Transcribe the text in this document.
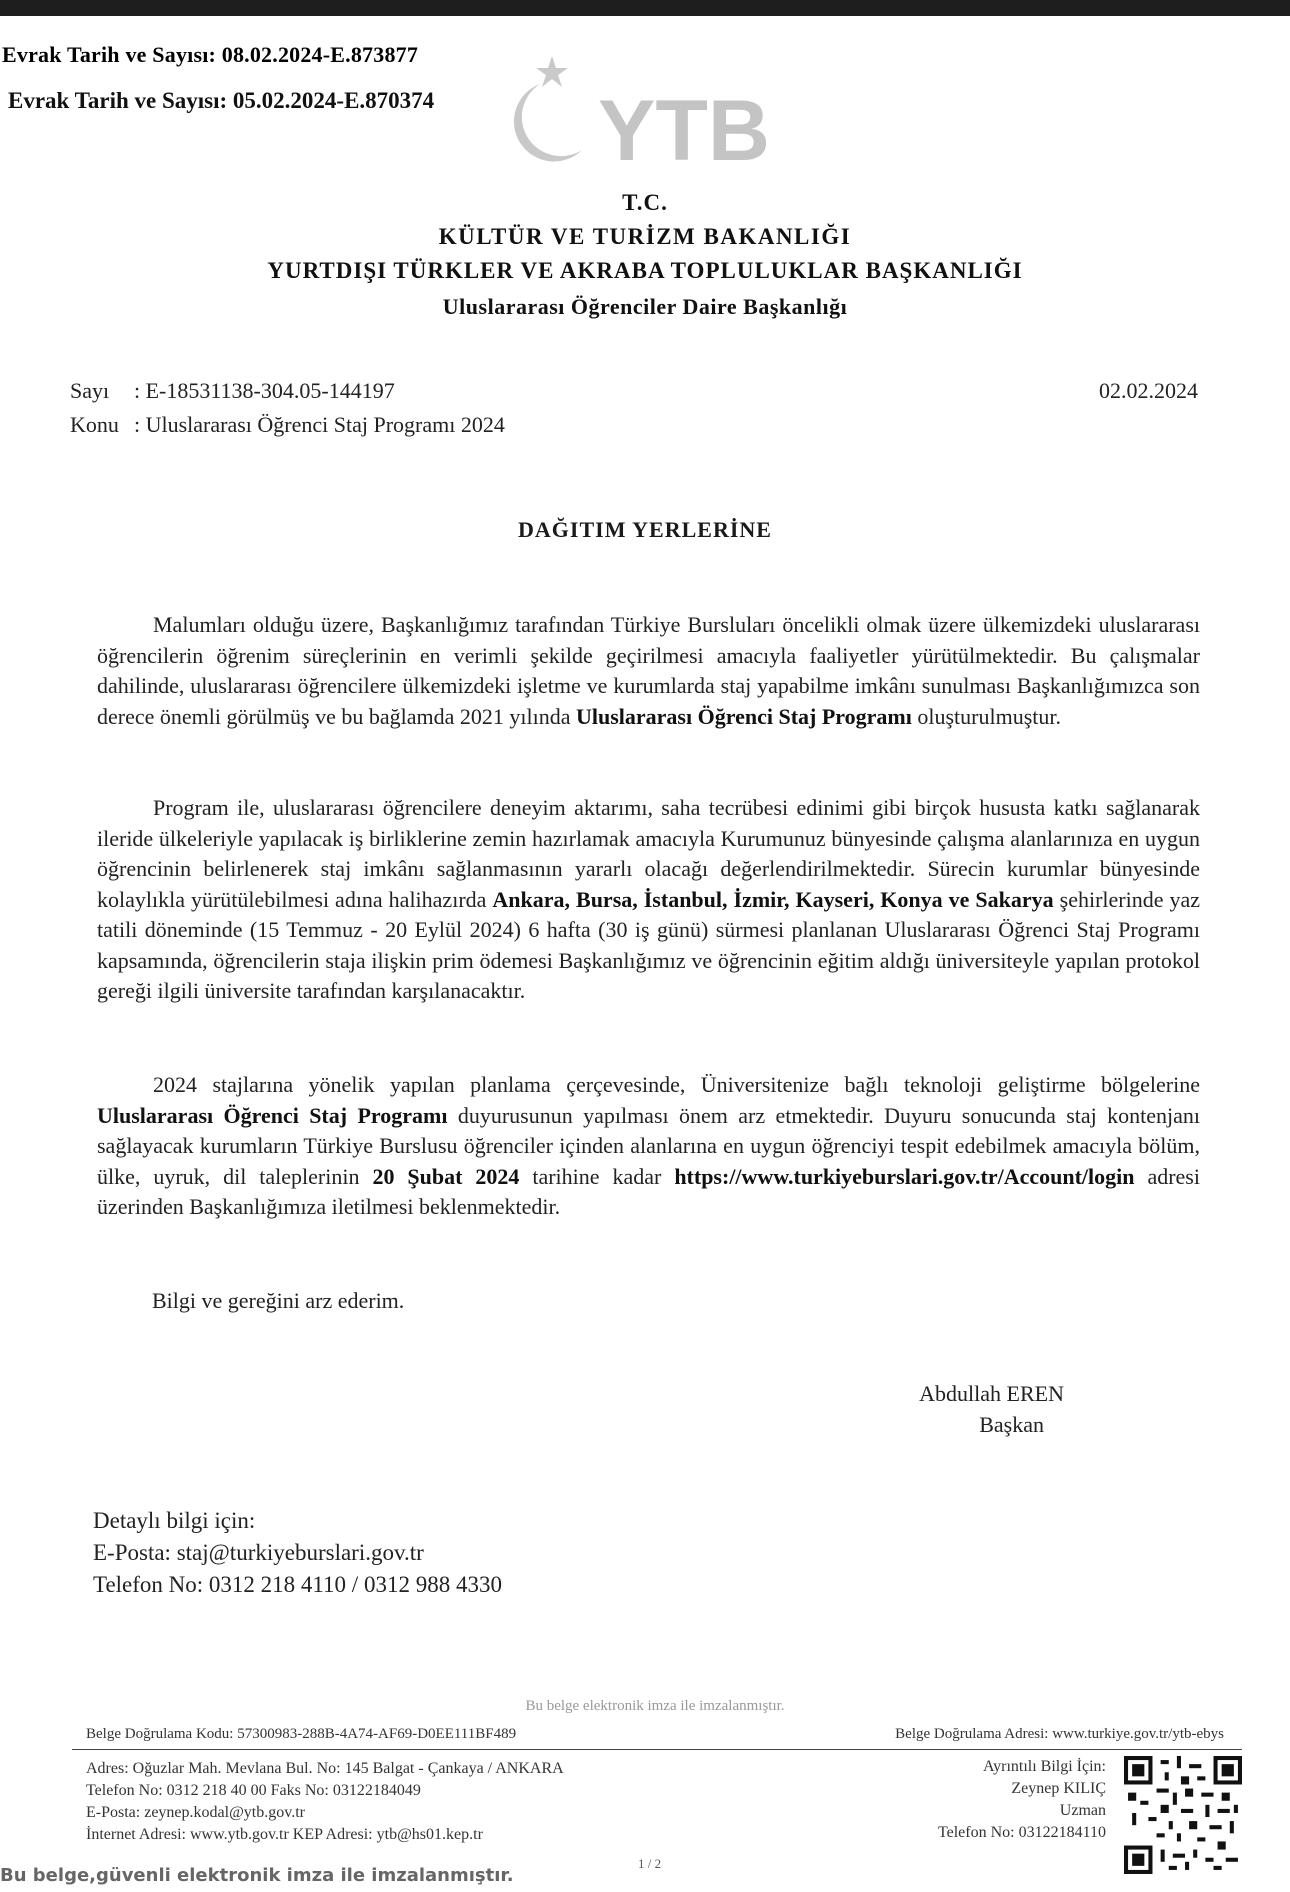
Evrak Tarih ve Sayısı: 08.02.2024-E.873877
Evrak Tarih ve Sayısı: 05.02.2024-E.870374 YTB
T.C.
KÜLTÜR VE TURİZM BAKANLIĞI
YURTDIŞI TÜRKLER VE AKRABA TOPLULUKLAR BAŞKANLIĞI
Uluslararası Öğrenciler Daire Başkanlığı
Sayı : E-18531138-304.05-144197
Konu : Uluslararası Öğrenci Staj Programı 2024
02.02.2024
DAĞITIM YERLERİNE

Malumları olduğu üzere, Başkanlığımız tarafından Türkiye Bursluları öncelikli olmak üzere ülkemizdeki uluslararası öğrencilerin öğrenim süreçlerinin en verimli şekilde geçirilmesi amacıyla faaliyetler yürütülmektedir. Bu çalışmalar dahilinde, uluslararası öğrencilere ülkemizdeki işletme ve kurumlarda staj yapabilme imkânı sunulması Başkanlığımızca son derece önemli görülmüş ve bu bağlamda 2021 yılında Uluslararası Öğrenci Staj Programı oluşturulmuştur.

Program ile, uluslararası öğrencilere deneyim aktarımı, saha tecrübesi edinimi gibi birçok hususta katkı sağlanarak ileride ülkeleriyle yapılacak iş birliklerine zemin hazırlamak amacıyla Kurumunuz bünyesinde çalışma alanlarınıza en uygun öğrencinin belirlenerek staj imkânı sağlanmasının yararlı olacağı değerlendirilmektedir. Sürecin kurumlar bünyesinde kolaylıkla yürütülebilmesi adına halihazırda Ankara, Bursa, İstanbul, İzmir, Kayseri, Konya ve Sakarya şehirlerinde yaz tatili döneminde (15 Temmuz - 20 Eylül 2024) 6 hafta (30 iş günü) sürmesi planlanan Uluslararası Öğrenci Staj Programı kapsamında, öğrencilerin staja ilişkin prim ödemesi Başkanlığımız ve öğrencinin eğitim aldığı üniversiteyle yapılan protokol gereği ilgili üniversite tarafından karşılanacaktır.

2024 stajlarına yönelik yapılan planlama çerçevesinde, Üniversitenize bağlı teknoloji geliştirme bölgelerine Uluslararası Öğrenci Staj Programı duyurusunun yapılması önem arz etmektedir. Duyuru sonucunda staj kontenjanı sağlayacak kurumların Türkiye Burslusu öğrenciler içinden alanlarına en uygun öğrenciyi tespit edebilmek amacıyla bölüm, ülke, uyruk, dil taleplerinin 20 Şubat 2024 tarihine kadar https://www.turkiyeburslari.gov.tr/Account/login adresi üzerinden Başkanlığımıza iletilmesi beklenmektedir.

Bilgi ve gereğini arz ederim.
Abdullah EREN

Başkan
Detaylı bilgi için:
E-Posta: staj@turkiyeburslari.gov.tr
Telefon No: 0312 218 4110 / 0312 988 4330
Bu belge elektronik imza ile imzalanmıştır.
Belge Doğrulama Kodu: 57300983-288B-4A74-AF69-D0EE111BF489	Belge Doğrulama Adresi: www.turkiye.gov.tr/ytb-ebys
Adres: Oğuzlar Mah. Mevlana Bul. No: 145 Balgat - Çankaya / ANKARA
Telefon No: 0312 218 40 00 Faks No: 03122184049
E-Posta: zeynep.kodal@ytb.gov.tr
İnternet Adresi: www.ytb.gov.tr KEP Adresi: ytb@hs01.kep.tr
Ayrıntılı Bilgi İçin:
Zeynep KILIÇ
Uzman
Telefon No: 03122184110
1 / 2
Bu belge,güvenli elektronik imza ile imzalanmıştır.
